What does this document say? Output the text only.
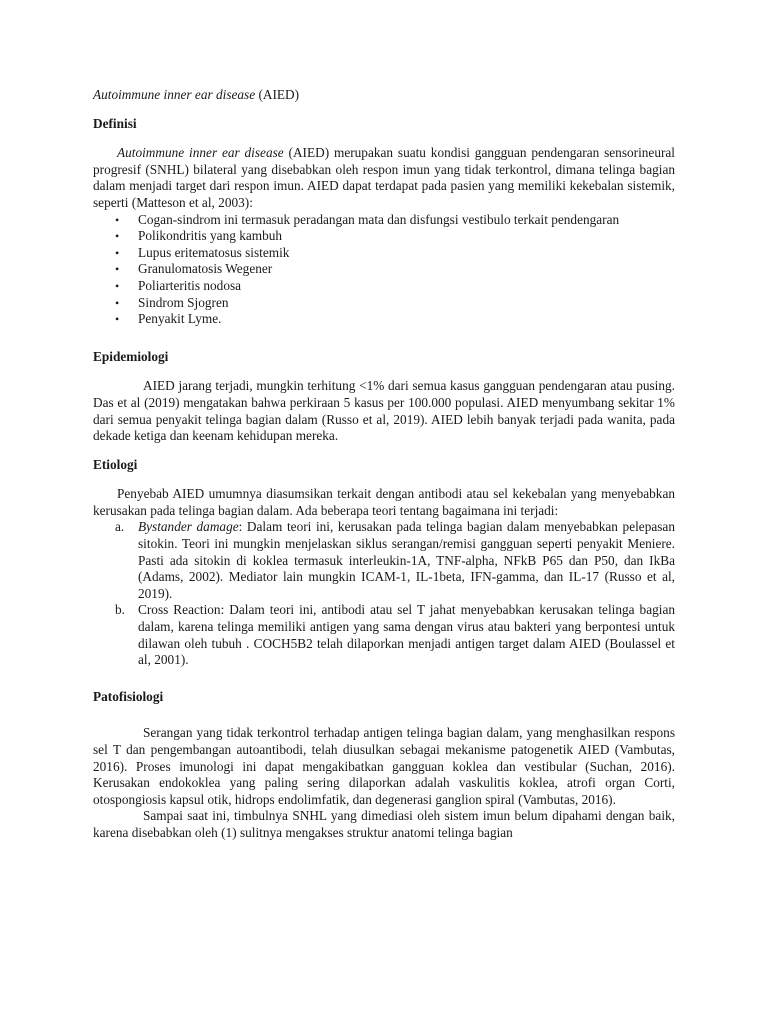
Autoimmune inner ear disease (AIED)

Definisi

Autoimmune inner ear disease (AIED) merupakan suatu kondisi gangguan pendengaran sensorineural progresif (SNHL) bilateral yang disebabkan oleh respon imun yang tidak terkontrol, dimana telinga bagian dalam menjadi target dari respon imun. AIED dapat terdapat pada pasien yang memiliki kekebalan sistemik, seperti (Matteson et al, 2003):

• Cogan-sindrom ini termasuk peradangan mata dan disfungsi vestibulo terkait pendengaran
• Polikondritis yang kambuh
• Lupus eritematosus sistemik
• Granulomatosis Wegener
• Poliarteritis nodosa
• Sindrom Sjogren
• Penyakit Lyme.

Epidemiologi

AIED jarang terjadi, mungkin terhitung <1% dari semua kasus gangguan pendengaran atau pusing. Das et al (2019) mengatakan bahwa perkiraan 5 kasus per 100.000 populasi. AIED menyumbang sekitar 1% dari semua penyakit telinga bagian dalam (Russo et al, 2019). AIED lebih banyak terjadi pada wanita, pada dekade ketiga dan keenam kehidupan mereka.

Etiologi

Penyebab AIED umumnya diasumsikan terkait dengan antibodi atau sel kekebalan yang menyebabkan kerusakan pada telinga bagian dalam. Ada beberapa teori tentang bagaimana ini terjadi:

a. Bystander damage: Dalam teori ini, kerusakan pada telinga bagian dalam menyebabkan pelepasan sitokin. Teori ini mungkin menjelaskan siklus serangan/remisi gangguan seperti penyakit Meniere. Pasti ada sitokin di koklea termasuk interleukin-1A, TNF-alpha, NFkB P65 dan P50, dan IkBa (Adams, 2002). Mediator lain mungkin ICAM-1, IL-1beta, IFN-gamma, dan IL-17 (Russo et al, 2019).
b. Cross Reaction: Dalam teori ini, antibodi atau sel T jahat menyebabkan kerusakan telinga bagian dalam, karena telinga memiliki antigen yang sama dengan virus atau bakteri yang berpontesi untuk dilawan oleh tubuh . COCH5B2 telah dilaporkan menjadi antigen target dalam AIED (Boulassel et al, 2001).

Patofisiologi

Serangan yang tidak terkontrol terhadap antigen telinga bagian dalam, yang menghasilkan respons sel T dan pengembangan autoantibodi, telah diusulkan sebagai mekanisme patogenetik AIED (Vambutas, 2016). Proses imunologi ini dapat mengakibatkan gangguan koklea dan vestibular (Suchan, 2016). Kerusakan endokoklea yang paling sering dilaporkan adalah vaskulitis koklea, atrofi organ Corti, otospongiosis kapsul otik, hidrops endolimfatik, dan degenerasi ganglion spiral (Vambutas, 2016).

Sampai saat ini, timbulnya SNHL yang dimediasi oleh sistem imun belum dipahami dengan baik, karena disebabkan oleh (1) sulitnya mengakses struktur anatomi telinga bagian
